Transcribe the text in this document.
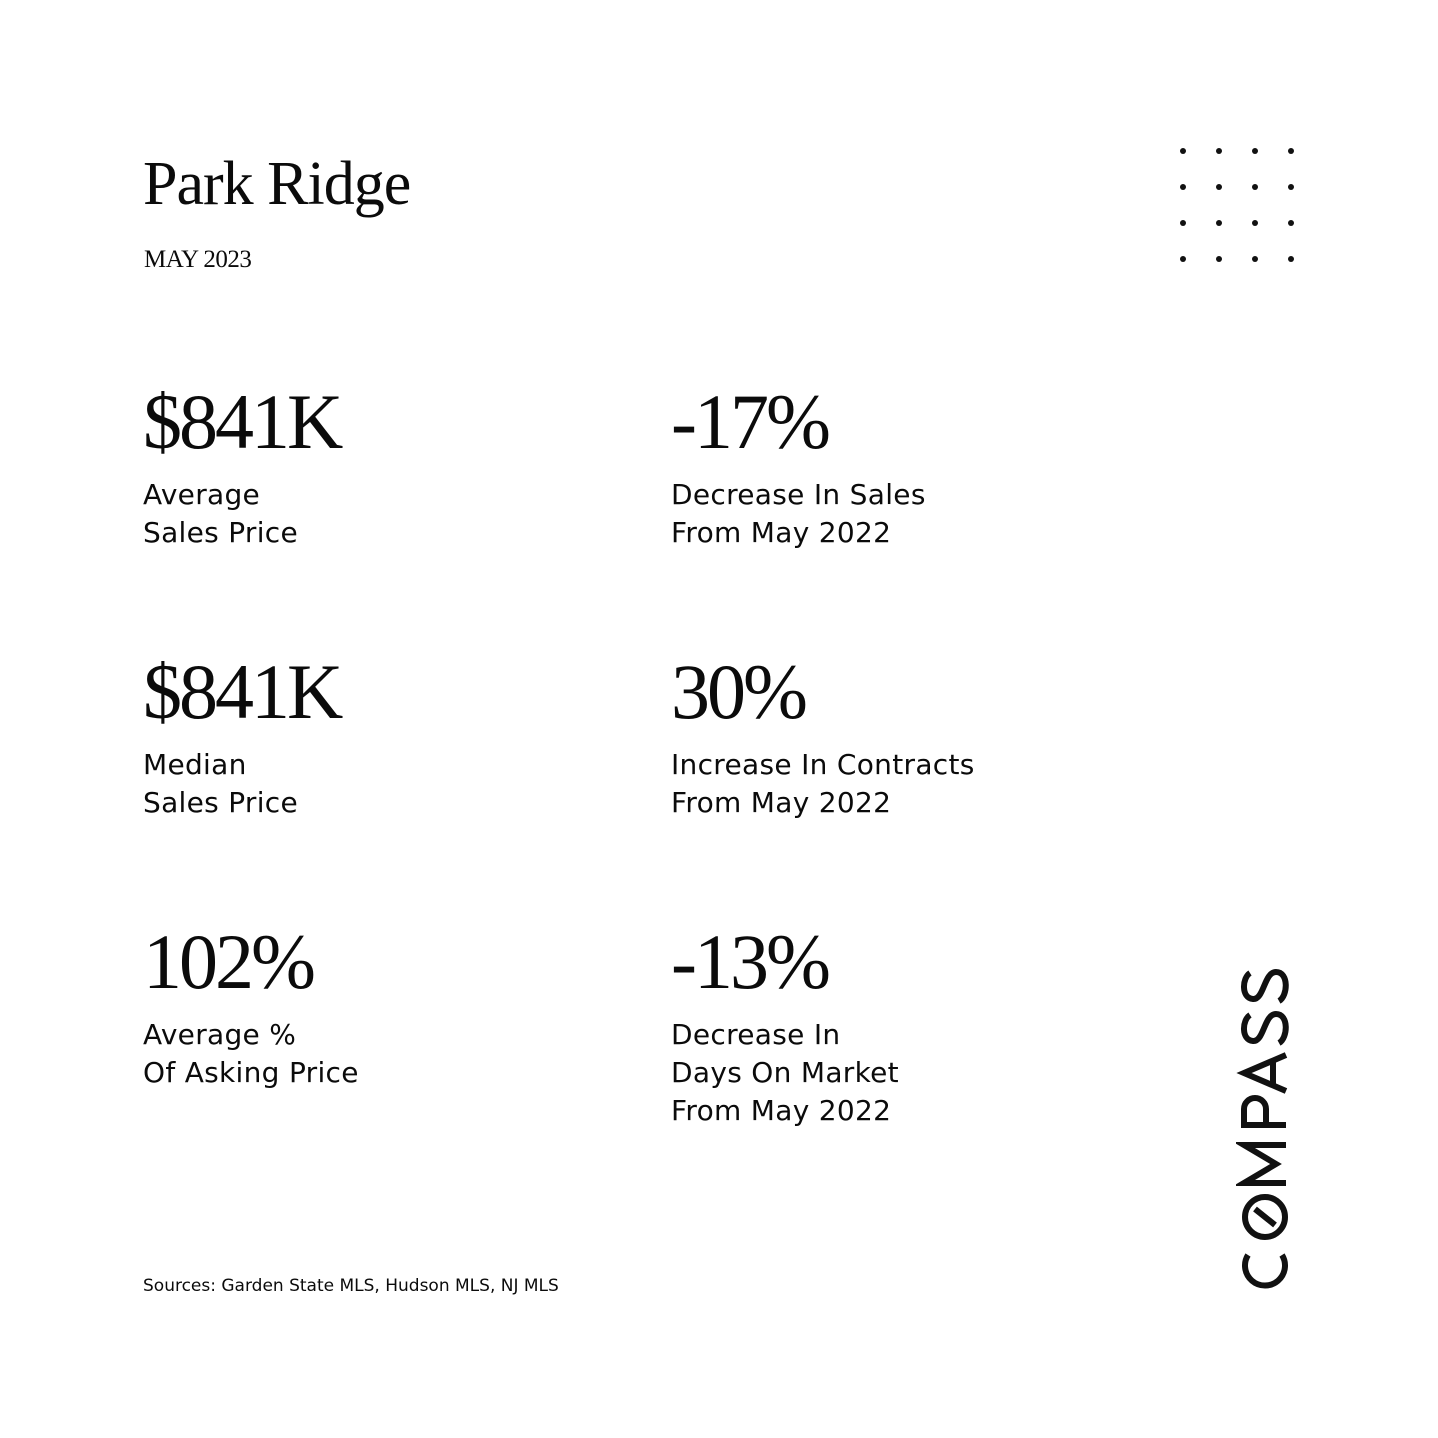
Park Ridge
MAY 2023
$841K
Average
Sales Price
-17%
Decrease In Sales
From May 2022
$841K
Median
Sales Price
30%
Increase In Contracts
From May 2022
102%
Average %
Of Asking Price
-13%
Decrease In
Days On Market
From May 2022
Sources: Garden State MLS, Hudson MLS, NJ MLS
